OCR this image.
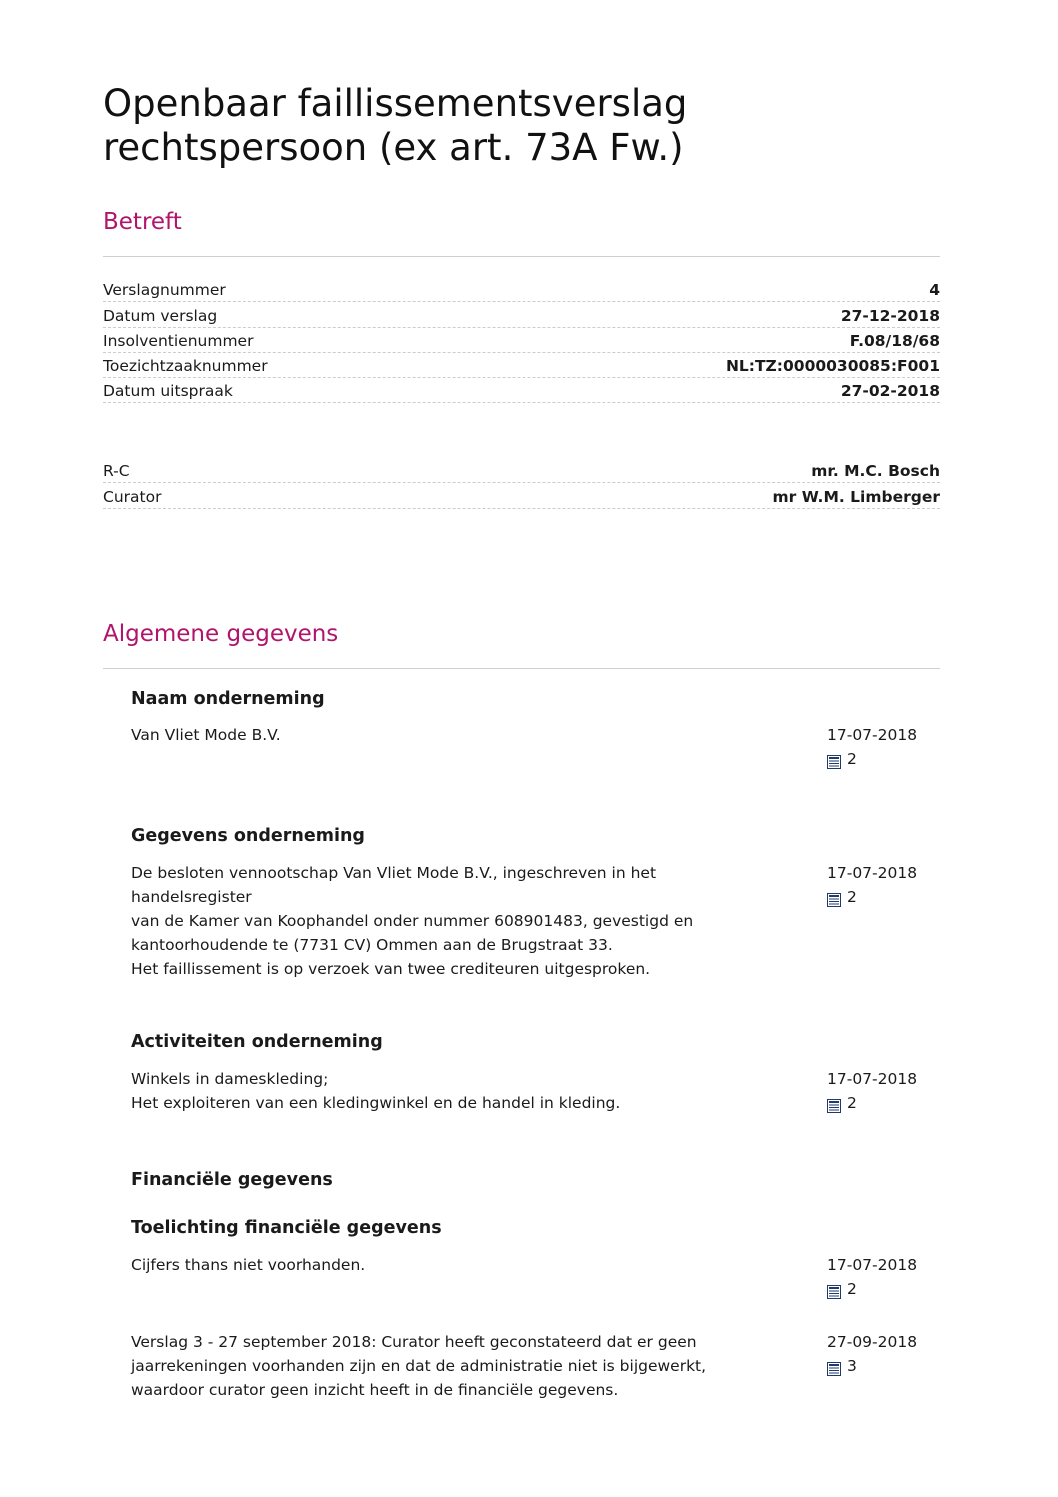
Openbaar faillissementsverslag rechtspersoon (ex art. 73A Fw.)
Betreft
Verslagnummer	4
Datum verslag	27-12-2018
Insolventienummer	F.08/18/68
Toezichtzaaknummer	NL:TZ:0000030085:F001
Datum uitspraak	27-02-2018
R-C	mr. M.C. Bosch
Curator	mr W.M. Limberger
Algemene gegevens
Naam onderneming
Van Vliet Mode B.V.	17-07-2018
2
Gegevens onderneming
De besloten vennootschap Van Vliet Mode B.V., ingeschreven in het
handelsregister
van de Kamer van Koophandel onder nummer 608901483, gevestigd en
kantoorhoudende te (7731 CV) Ommen aan de Brugstraat 33.
Het faillissement is op verzoek van twee crediteuren uitgesproken.
17-07-2018
2
Activiteiten onderneming
Winkels in dameskleding;
Het exploiteren van een kledingwinkel en de handel in kleding.
17-07-2018
2
Financiële gegevens
Toelichting financiële gegevens
Cijfers thans niet voorhanden.	17-07-2018
2
Verslag 3 - 27 september 2018: Curator heeft geconstateerd dat er geen
jaarrekeningen voorhanden zijn en dat de administratie niet is bijgewerkt,
waardoor curator geen inzicht heeft in de financiële gegevens.
27-09-2018
3
